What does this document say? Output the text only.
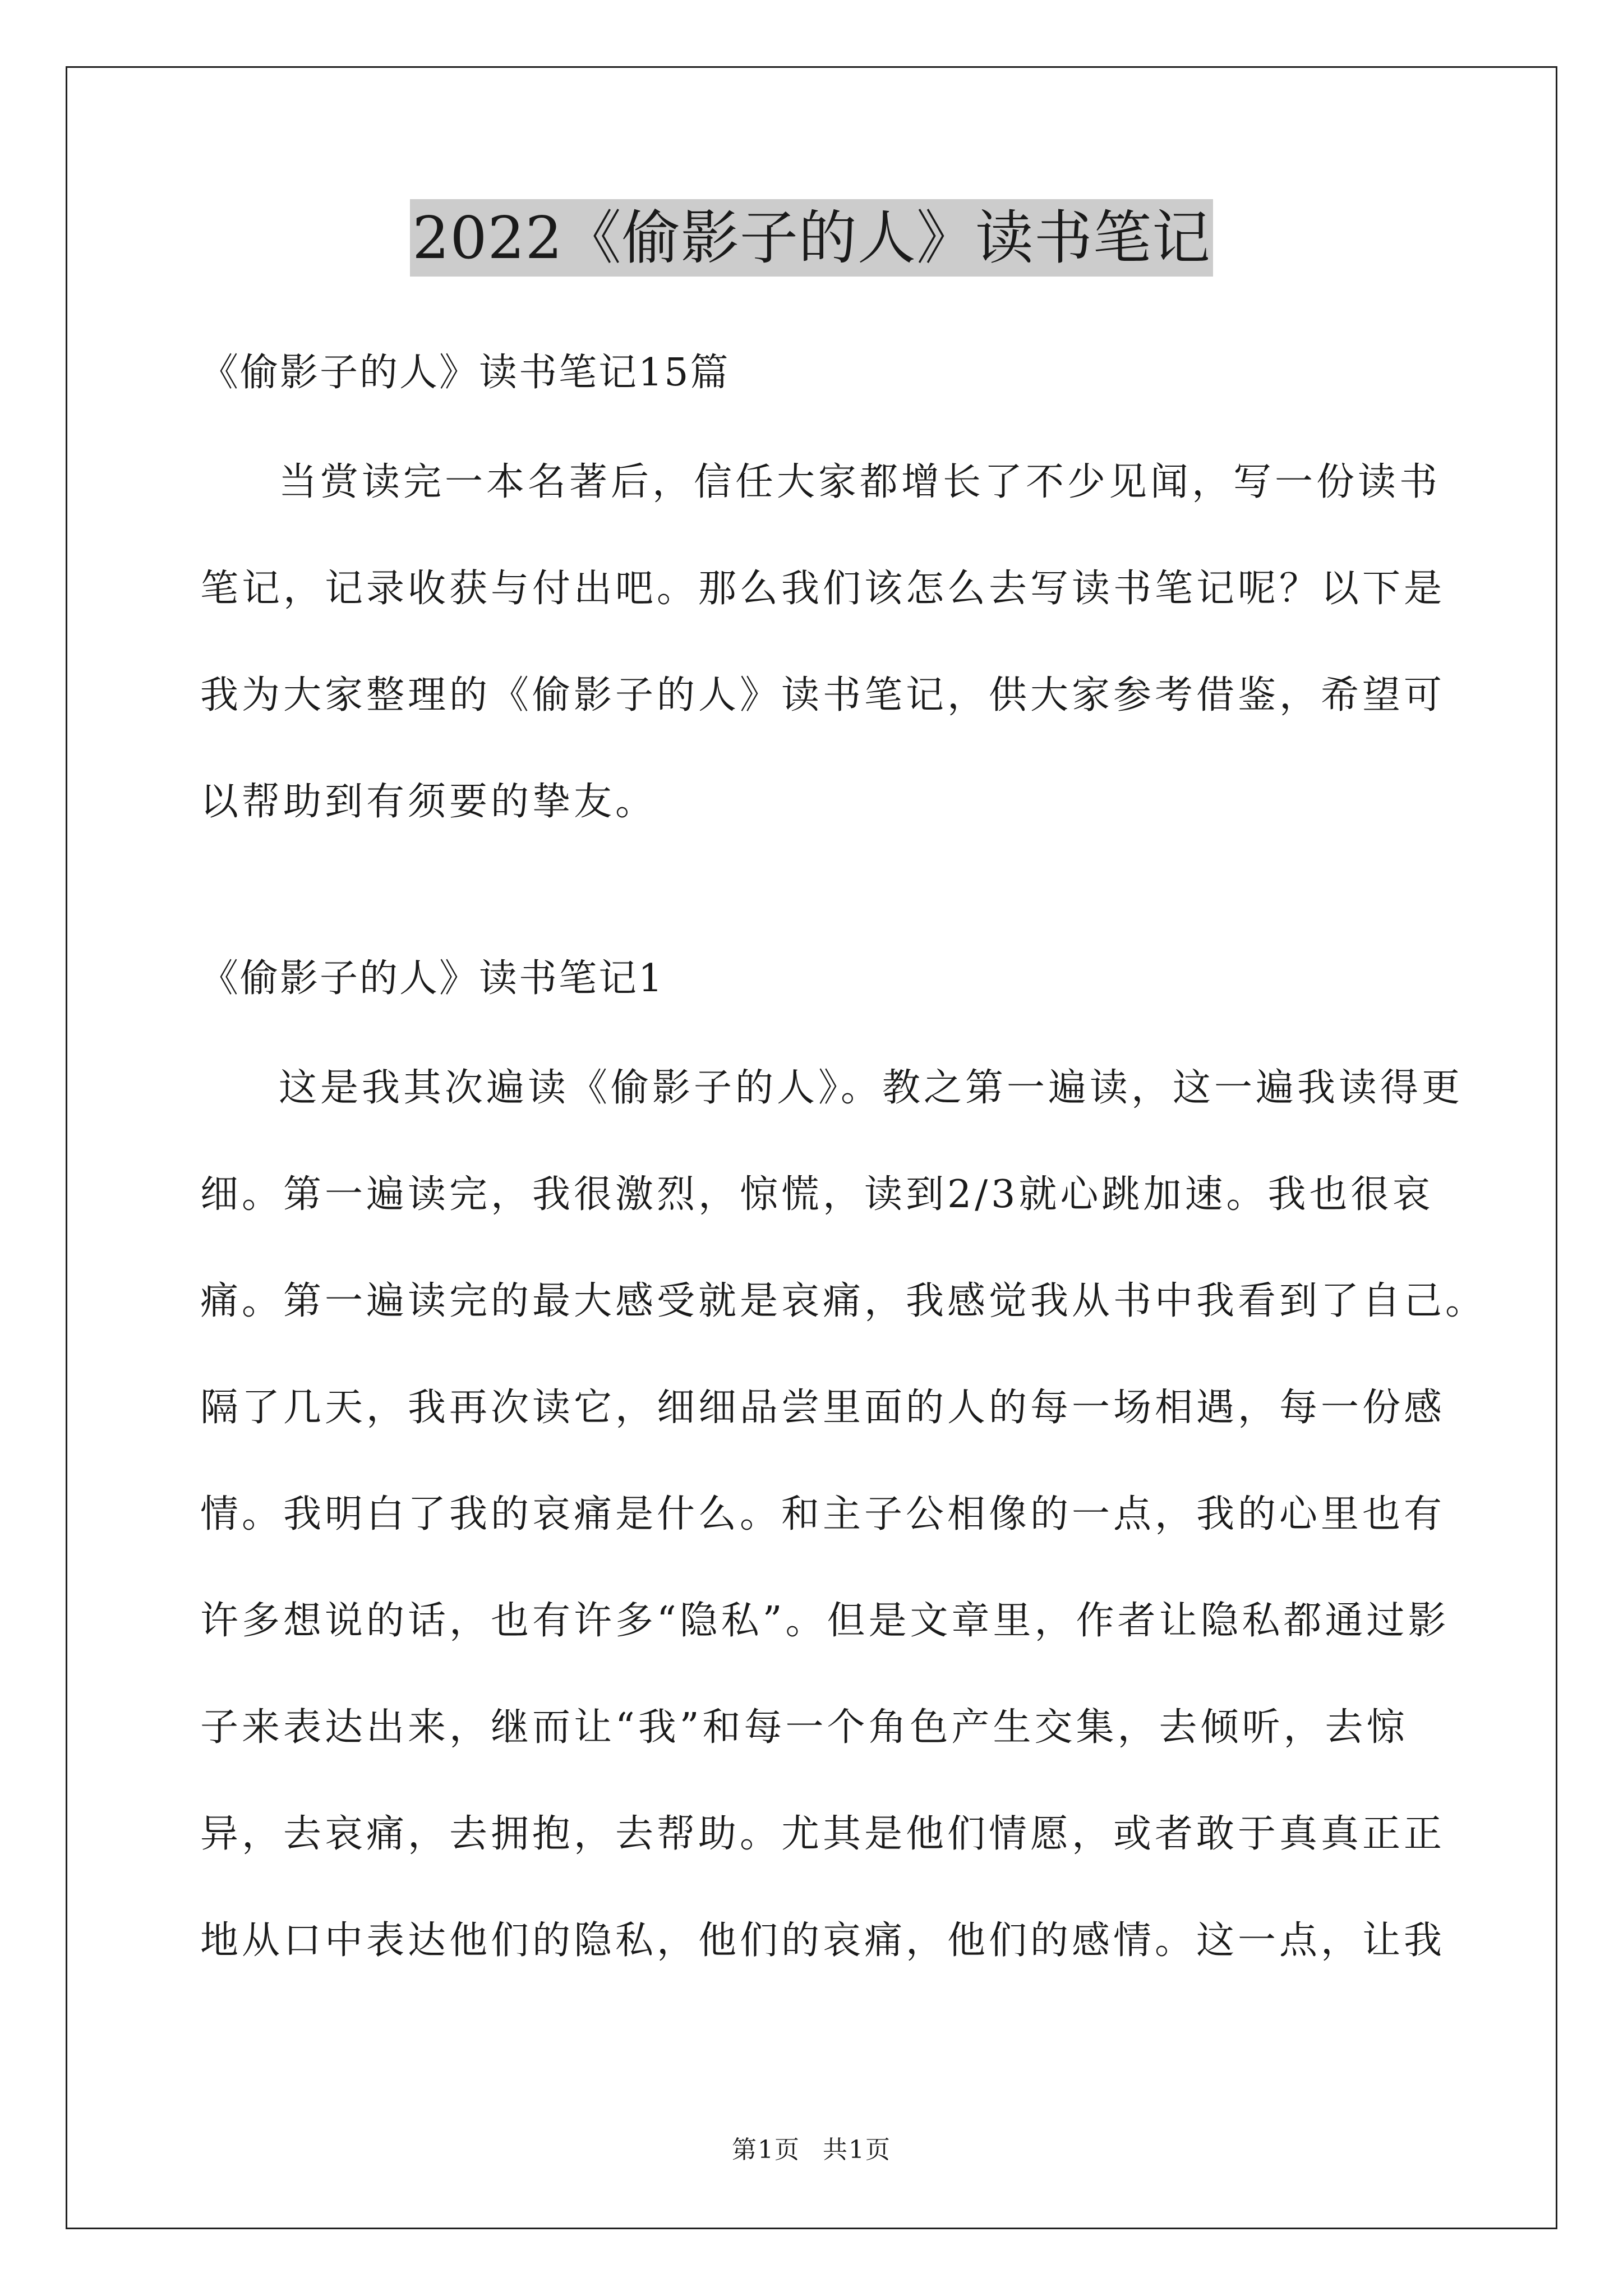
2022《偷影子的人》读书笔记
《偷影子的人》读书笔记15篇
当赏读完一本名著后，信任大家都增长了不少见闻，写一份读书
笔记，记录收获与付出吧。那么我们该怎么去写读书笔记呢？以下是
我为大家整理的《偷影子的人》读书笔记，供大家参考借鉴，希望可
以帮助到有须要的挚友。
《偷影子的人》读书笔记1
这是我其次遍读《偷影子的人》。教之第一遍读，这一遍我读得更
细。第一遍读完，我很激烈，惊慌，读到2/3就心跳加速。我也很哀
痛。第一遍读完的最大感受就是哀痛，我感觉我从书中我看到了自己。
隔了几天，我再次读它，细细品尝里面的人的每一场相遇，每一份感
情。我明白了我的哀痛是什么。和主子公相像的一点，我的心里也有
许多想说的话，也有许多“隐私”。但是文章里，作者让隐私都通过影
子来表达出来，继而让“我”和每一个角色产生交集，去倾听，去惊
异，去哀痛，去拥抱，去帮助。尤其是他们情愿，或者敢于真真正正
地从口中表达他们的隐私，他们的哀痛，他们的感情。这一点，让我
第1页 共1页
